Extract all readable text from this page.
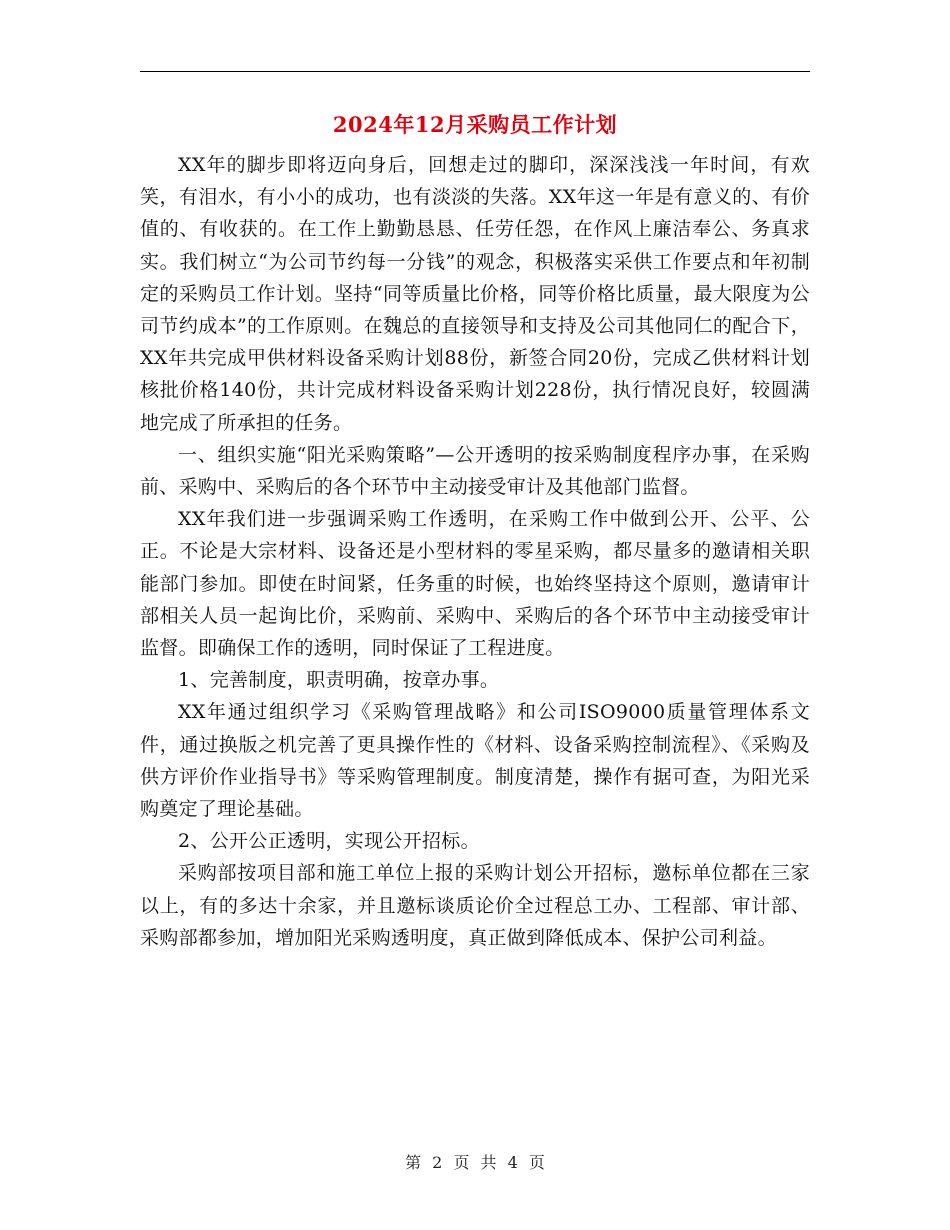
2024年12月采购员工作计划

XX年的脚步即将迈向身后，回想走过的脚印，深深浅浅一年时间，有欢笑，有泪水，有小小的成功，也有淡淡的失落。XX年这一年是有意义的、有价值的、有收获的。在工作上勤勤恳恳、任劳任怨，在作风上廉洁奉公、务真求实。我们树立“为公司节约每一分钱”的观念，积极落实采供工作要点和年初制定的采购员工作计划。坚持“同等质量比价格，同等价格比质量，最大限度为公司节约成本”的工作原则。在魏总的直接领导和支持及公司其他同仁的配合下，XX年共完成甲供材料设备采购计划88份，新签合同20份，完成乙供材料计划核批价格140份，共计完成材料设备采购计划228份，执行情况良好，较圆满地完成了所承担的任务。

一、组织实施“阳光采购策略”—公开透明的按采购制度程序办事，在采购前、采购中、采购后的各个环节中主动接受审计及其他部门监督。

XX年我们进一步强调采购工作透明，在采购工作中做到公开、公平、公正。不论是大宗材料、设备还是小型材料的零星采购，都尽量多的邀请相关职能部门参加。即使在时间紧，任务重的时候，也始终坚持这个原则，邀请审计部相关人员一起询比价，采购前、采购中、采购后的各个环节中主动接受审计监督。即确保工作的透明，同时保证了工程进度。

1、完善制度，职责明确，按章办事。

XX年通过组织学习《采购管理战略》和公司ISO9000质量管理体系文件，通过换版之机完善了更具操作性的《材料、设备采购控制流程》、《采购及供方评价作业指导书》等采购管理制度。制度清楚，操作有据可查，为阳光采购奠定了理论基础。

2、公开公正透明，实现公开招标。

采购部按项目部和施工单位上报的采购计划公开招标，邀标单位都在三家以上，有的多达十余家，并且邀标谈质论价全过程总工办、工程部、审计部、采购部都参加，增加阳光采购透明度，真正做到降低成本、保护公司利益。

第 2 页 共 4 页
